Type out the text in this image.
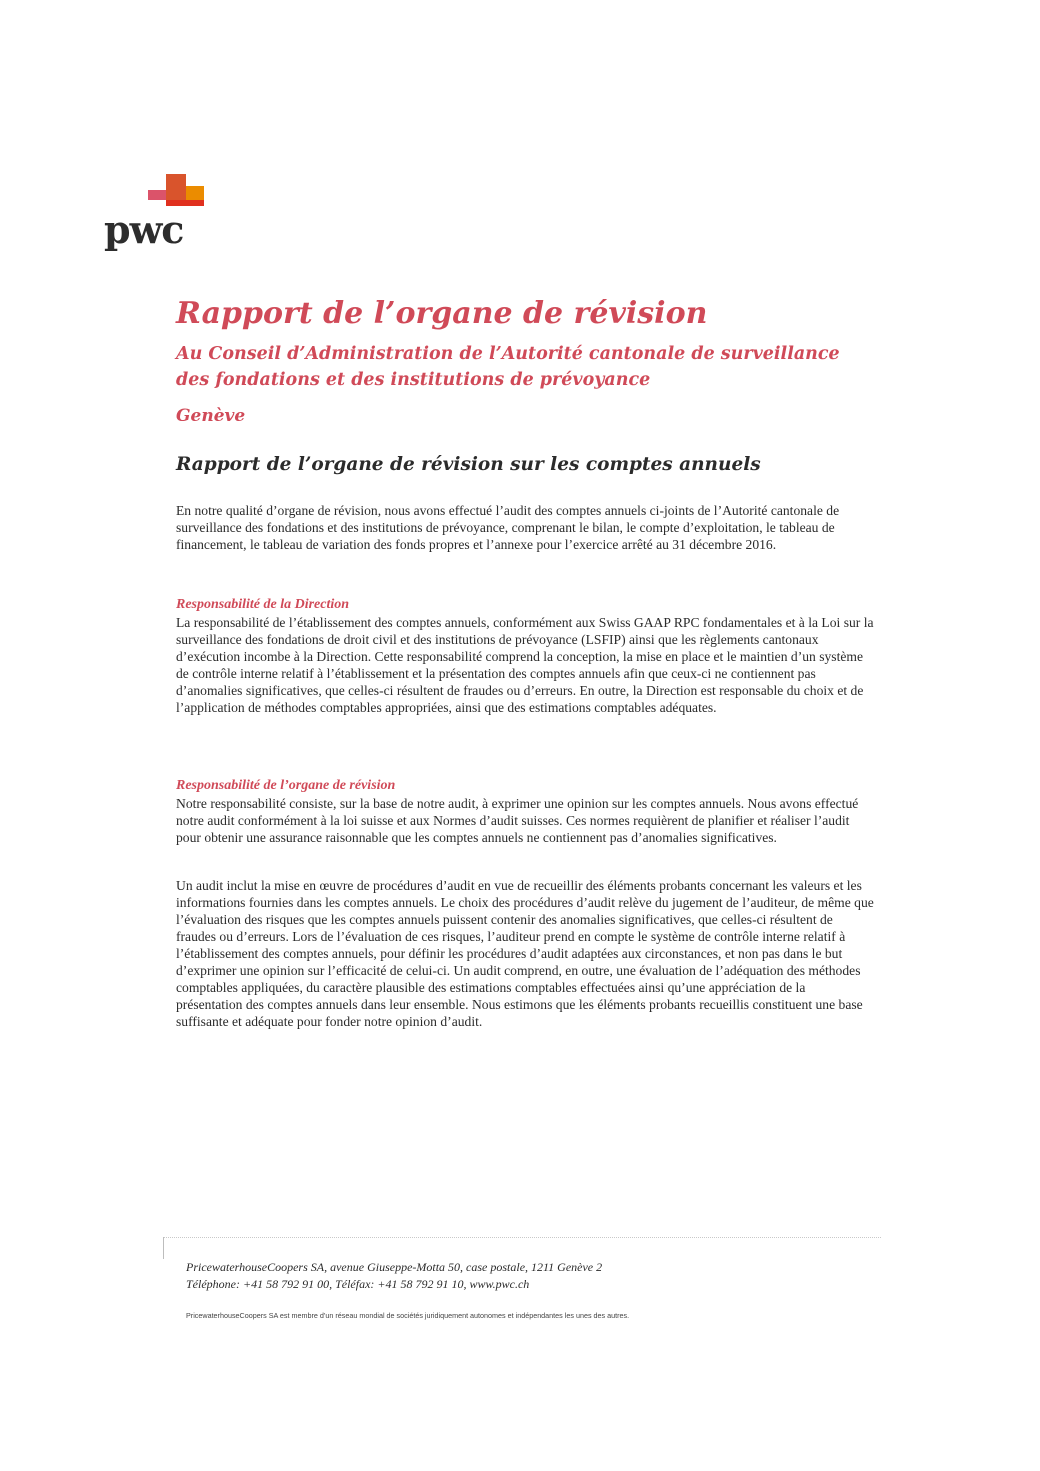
pwc
Rapport de l’organe de révision

Au Conseil d’Administration de l’Autorité cantonale de surveillance des fondations et des institutions de prévoyance

Genève

Rapport de l’organe de révision sur les comptes annuels

En notre qualité d’organe de révision, nous avons effectué l’audit des comptes annuels ci-joints de l’Autorité cantonale de surveillance des fondations et des institutions de prévoyance, comprenant le bilan, le compte d’exploitation, le tableau de financement, le tableau de variation des fonds propres et l’annexe pour l’exercice arrêté au 31 décembre 2016.

Responsabilité de la Direction

La responsabilité de l’établissement des comptes annuels, conformément aux Swiss GAAP RPC fondamentales et à la Loi sur la surveillance des fondations de droit civil et des institutions de prévoyance (LSFIP) ainsi que les règlements cantonaux d’exécution incombe à la Direction. Cette responsabilité comprend la conception, la mise en place et le maintien d’un système de contrôle interne relatif à l’établissement et la présentation des comptes annuels afin que ceux-ci ne contiennent pas d’anomalies significatives, que celles-ci résultent de fraudes ou d’erreurs. En outre, la Direction est responsable du choix et de l’application de méthodes comptables appropriées, ainsi que des estimations comptables adéquates.

Responsabilité de l’organe de révision

Notre responsabilité consiste, sur la base de notre audit, à exprimer une opinion sur les comptes annuels. Nous avons effectué notre audit conformément à la loi suisse et aux Normes d’audit suisses. Ces normes requièrent de planifier et réaliser l’audit pour obtenir une assurance raisonnable que les comptes annuels ne contiennent pas d’anomalies significatives.

Un audit inclut la mise en œuvre de procédures d’audit en vue de recueillir des éléments probants concernant les valeurs et les informations fournies dans les comptes annuels. Le choix des procédures d’audit relève du jugement de l’auditeur, de même que l’évaluation des risques que les comptes annuels puissent contenir des anomalies significatives, que celles-ci résultent de fraudes ou d’erreurs. Lors de l’évaluation de ces risques, l’auditeur prend en compte le système de contrôle interne relatif à l’établissement des comptes annuels, pour définir les procédures d’audit adaptées aux circonstances, et non pas dans le but d’exprimer une opinion sur l’efficacité de celui-ci. Un audit comprend, en outre, une évaluation de l’adéquation des méthodes comptables appliquées, du caractère plausible des estimations comptables effectuées ainsi qu’une appréciation de la présentation des comptes annuels dans leur ensemble. Nous estimons que les éléments probants recueillis constituent une base suffisante et adéquate pour fonder notre opinion d’audit.

PricewaterhouseCoopers SA, avenue Giuseppe-Motta 50, case postale, 1211 Genève 2
Téléphone: +41 58 792 91 00, Téléfax: +41 58 792 91 10, www.pwc.ch

PricewaterhouseCoopers SA est membre d’un réseau mondial de sociétés juridiquement autonomes et indépendantes les unes des autres.
